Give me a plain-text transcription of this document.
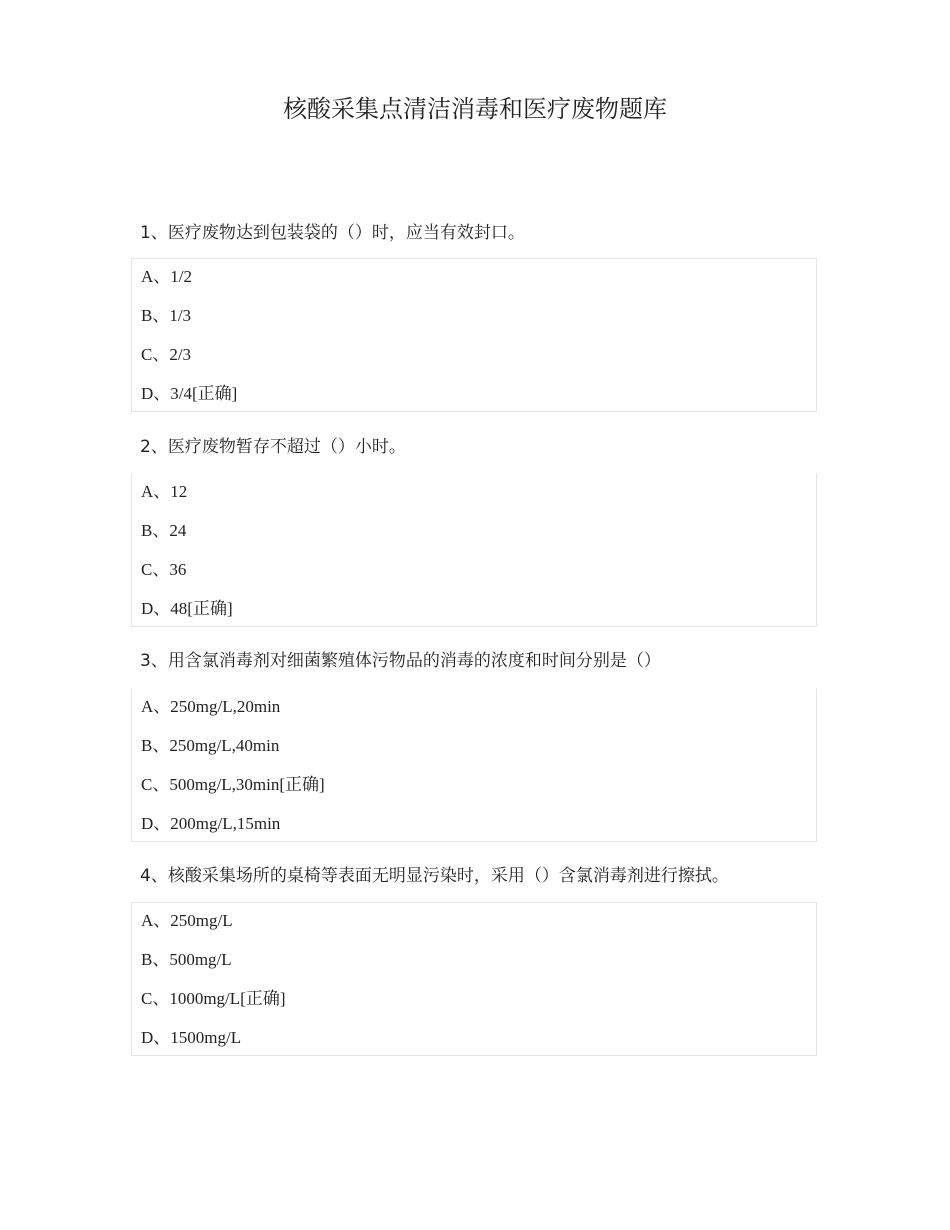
核酸采集点清洁消毒和医疗废物题库
1、医疗废物达到包装袋的（）时，应当有效封口。
A、1/2
B、1/3
C、2/3
D、3/4[正确]
2、医疗废物暂存不超过（）小时。
A、12
B、24
C、36
D、48[正确]
3、用含氯消毒剂对细菌繁殖体污物品的消毒的浓度和时间分别是（）
A、250mg/L,20min
B、250mg/L,40min
C、500mg/L,30min[正确]
D、200mg/L,15min
4、核酸采集场所的桌椅等表面无明显污染时，采用（）含氯消毒剂进行擦拭。
A、250mg/L
B、500mg/L
C、1000mg/L[正确]
D、1500mg/L
